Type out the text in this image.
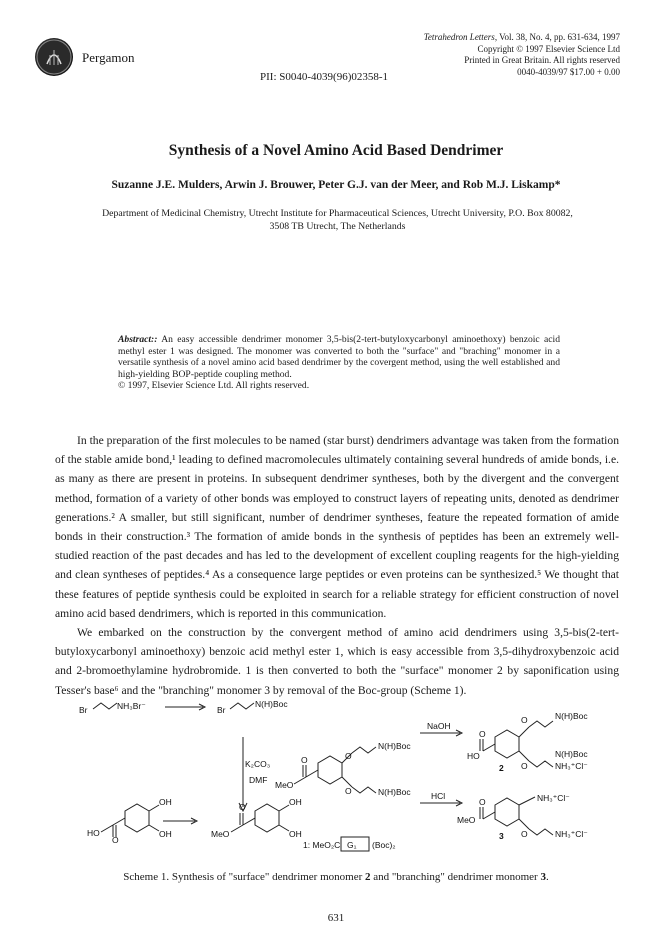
Pergamon
Tetrahedron Letters, Vol. 38, No. 4, pp. 631-634, 1997
Copyright © 1997 Elsevier Science Ltd
Printed in Great Britain. All rights reserved
0040-4039/97 $17.00 + 0.00
PII: S0040-4039(96)02358-1
Synthesis of a Novel Amino Acid Based Dendrimer
Suzanne J.E. Mulders, Arwin J. Brouwer, Peter G.J. van der Meer, and Rob M.J. Liskamp*
Department of Medicinal Chemistry, Utrecht Institute for Pharmaceutical Sciences, Utrecht University, P.O. Box 80082,
3508 TB Utrecht, The Netherlands
Abstract:: An easy accessible dendrimer monomer 3,5-bis(2-tert-butyloxycarbonyl aminoethoxy) benzoic acid methyl ester 1 was designed. The monomer was converted to both the "surface" and "braching" monomer in a versatile synthesis of a novel amino acid based dendrimer by the covergent method, using the well established and high-yielding BOP-peptide coupling method.
© 1997, Elsevier Science Ltd. All rights reserved.

In the preparation of the first molecules to be named (star burst) dendrimers advantage was taken from the formation of the stable amide bond,¹ leading to defined macromolecules ultimately containing several hundreds of amide bonds, i.e. as many as there are present in proteins. In subsequent dendrimer syntheses, both by the divergent and the convergent method, formation of a variety of other bonds was employed to construct layers of repeating units, denoted as dendrimer generations.² A smaller, but still significant, number of dendrimer syntheses, feature the repeated formation of amide bonds in their construction.³ The formation of amide bonds in the synthesis of peptides has been an extremely well-studied reaction of the past decades and has led to the development of excellent coupling reagents for the high-yielding and clean syntheses of peptides.⁴ As a consequence large peptides or even proteins can be synthesized.⁵ We thought that these features of peptide synthesis could be exploited in search for a reliable strategy for efficient construction of novel amino acid based dendrimers, which is reported in this communication.

We embarked on the construction by the convergent method of amino acid dendrimers using 3,5-bis(2-tert-butyloxycarbonyl aminoethoxy) benzoic acid methyl ester 1, which is easy accessible from 3,5-dihydroxybenzoic acid and 2-bromoethylamine hydrobromide. 1 is then converted to both the "surface" monomer 2 by saponification using Tesser's base⁶ and the "branching" monomer 3 by removal of the Boc-group (Scheme 1).

Br	NH₃Br⁻	Br
N(H)Boc
K₂CO₃
DMF
OH
OH
HO
O
OH
OH
MeO
O
MeO
O
N(H)Boc
N(H)Boc
O
O
NaOH
HCl
HO
O
O	N(H)Boc
O
N(H)Boc
NH₃⁺Cl⁻
2
MeO
O	NH₃⁺Cl⁻
O	NH₃⁺Cl⁻
3
1: MeO₂C G₁ (Boc)₂
Scheme 1. Synthesis of "surface" dendrimer monomer 2 and "branching" dendrimer monomer 3.
631
